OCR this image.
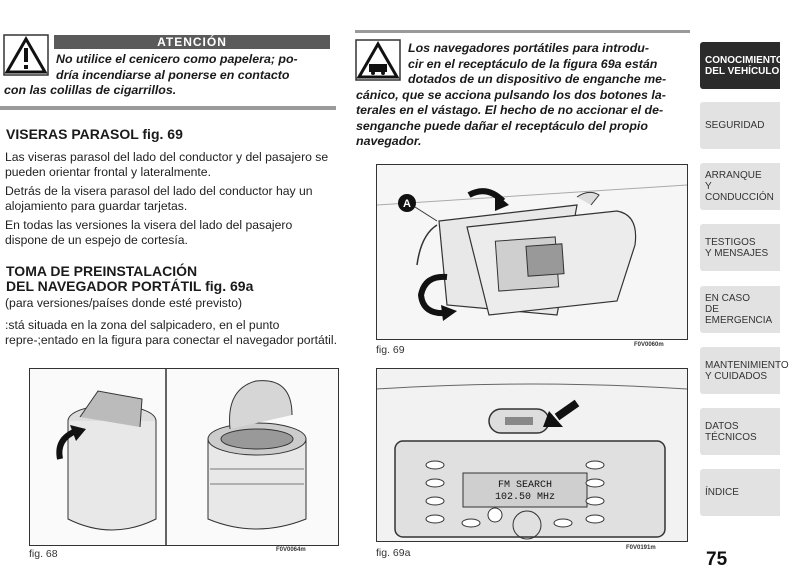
ATENCIÓN
No utilice el cenicero como papelera; po-
dría incendiarse al ponerse en contacto
con las colillas de cigarrillos.
VISERAS PARASOL fig. 69
Las viseras parasol del lado del conductor y del pasajero se pueden orientar frontal y lateralmente.
Detrás de la visera parasol del lado del conductor hay un alojamiento para guardar tarjetas.
En todas las versiones la visera del lado del pasajero dispone de un espejo de cortesía.
TOMA DE PREINSTALACIÓN
DEL NAVEGADOR PORTÁTIL fig. 69a
(para versiones/países donde esté previsto)
:stá situada en la zona del salpicadero, en el punto repre-;entado en la figura para conectar el navegador portátil.
fig. 68	F0V0064m
Los navegadores portátiles para introdu-
cir en el receptáculo de la figura 69a están
dotados de un dispositivo de enganche me-
cánico, que se acciona pulsando los dos botones la-
terales en el vástago. El hecho de no accionar el de-
senganche puede dañar el receptáculo del propio
navegador.
A
fig. 69	F0V0060m
FM SEARCH
102.50 MHz
fig. 69a	F0V0191m
CONOCIMIENTO
DEL VEHÍCULO
SEGURIDAD
ARRANQUE
Y CONDUCCIÓN
TESTIGOS
Y MENSAJES
EN CASO
DE EMERGENCIA
MANTENIMIENTO
Y CUIDADOS
DATOS TÉCNICOS
ÍNDICE
75
